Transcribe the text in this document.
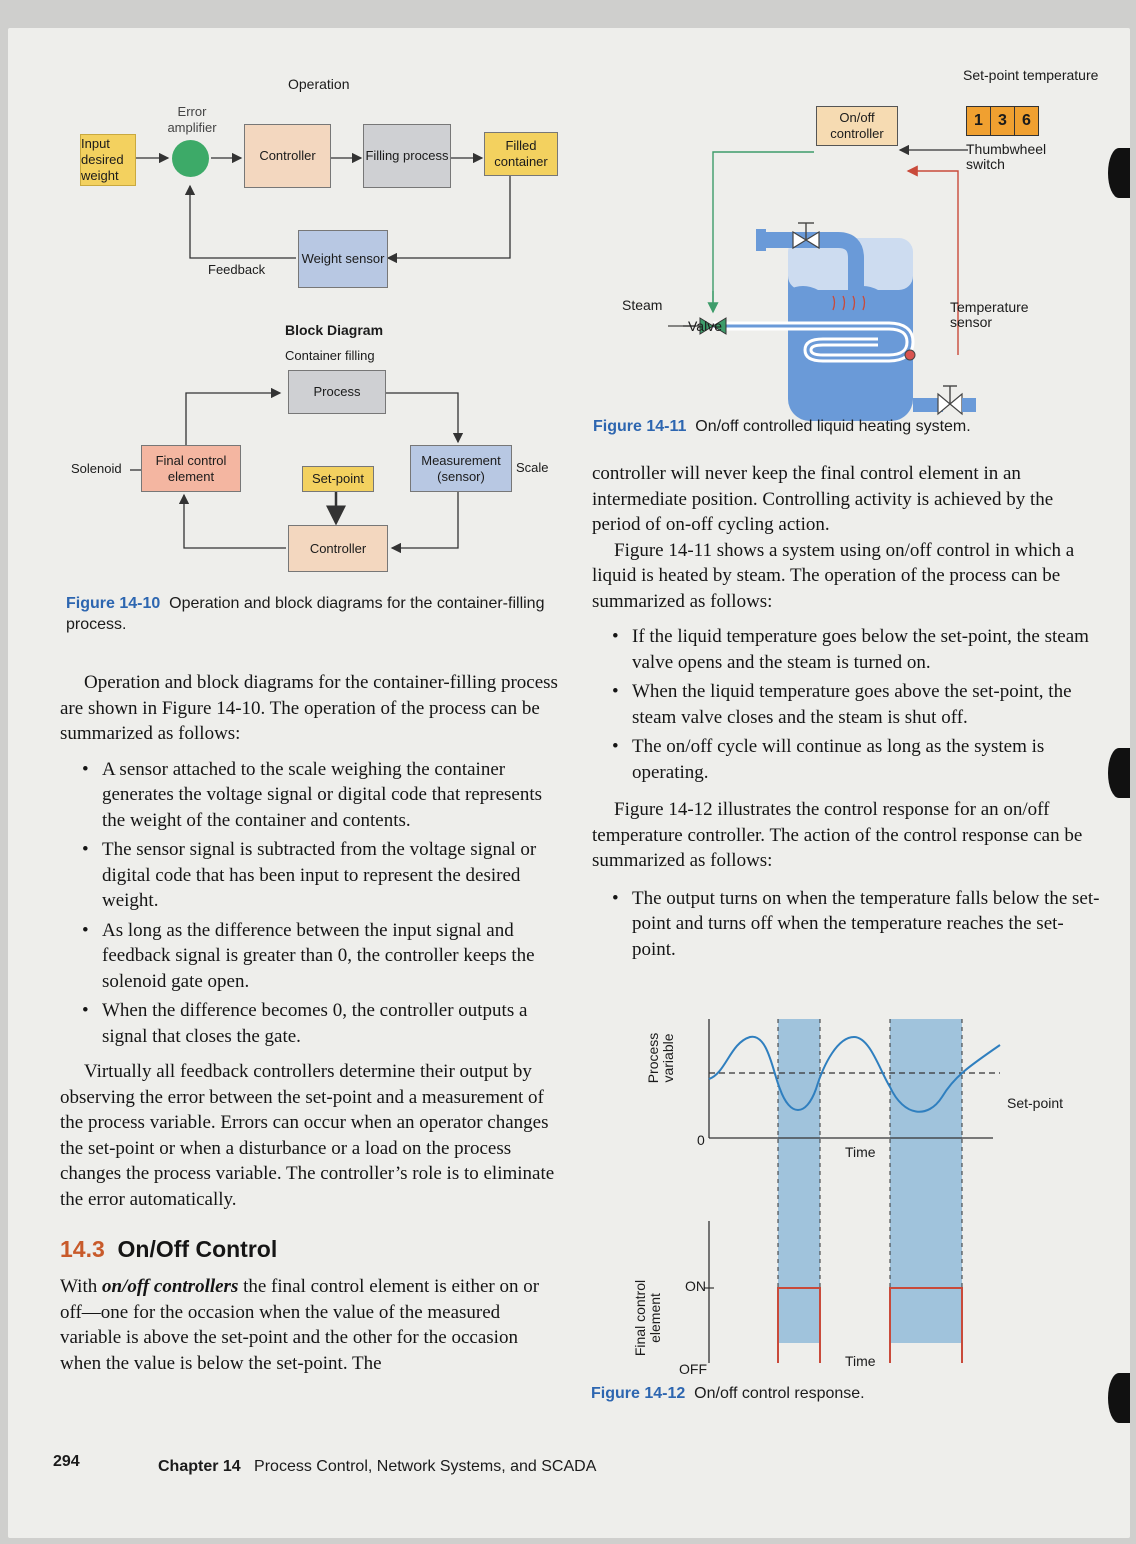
Operation
Error amplifier
Input desired weight
Controller	Filling process
Filled container
Weight sensor
Feedback
Block Diagram
Container filling
Process
Solenoid
Final control element	Set-point
Measurement (sensor)
Scale
Controller
Figure 14-10 Operation and block diagrams for the container-filling process.
Set-point temperature
On/off controller
1 3 6
Thumbwheel switch
Steam
Valve
Temperature sensor
Figure 14-11 On/off controlled liquid heating system.

controller will never keep the final control element in an intermediate position. Controlling activity is achieved by the period of on-off cycling action.

Figure 14-11 shows a system using on/off control in which a liquid is heated by steam. The operation of the process can be summarized as follows:

• If the liquid temperature goes below the set-point, the steam valve opens and the steam is turned on.
• When the liquid temperature goes above the set-point, the steam valve closes and the steam is shut off.
• The on/off cycle will continue as long as the system is operating.

Figure 14-12 illustrates the control response for an on/off temperature controller. The action of the control response can be summarized as follows:

• The output turns on when the temperature falls below the set-point and turns off when the temperature reaches the set-point.
Process variable
0
Set-point
Time
ON
OFF
Final control element
Time
Figure 14-12 On/off control response.

Operation and block diagrams for the container-filling process are shown in Figure 14-10. The operation of the process can be summarized as follows:

• A sensor attached to the scale weighing the container generates the voltage signal or digital code that represents the weight of the container and contents.
• The sensor signal is subtracted from the voltage signal or digital code that has been input to represent the desired weight.
• As long as the difference between the input signal and feedback signal is greater than 0, the controller keeps the solenoid gate open.
• When the difference becomes 0, the controller outputs a signal that closes the gate.

Virtually all feedback controllers determine their output by observing the error between the set-point and a measurement of the process variable. Errors can occur when an operator changes the set-point or when a disturbance or a load on the process changes the process variable. The controller’s role is to eliminate the error automatically.

14.3 On/Off Control

With on/off controllers the final control element is either on or off—one for the occasion when the value of the measured variable is above the set-point and the other for the occasion when the value is below the set-point. The

294	Chapter 14 Process Control, Network Systems, and SCADA
